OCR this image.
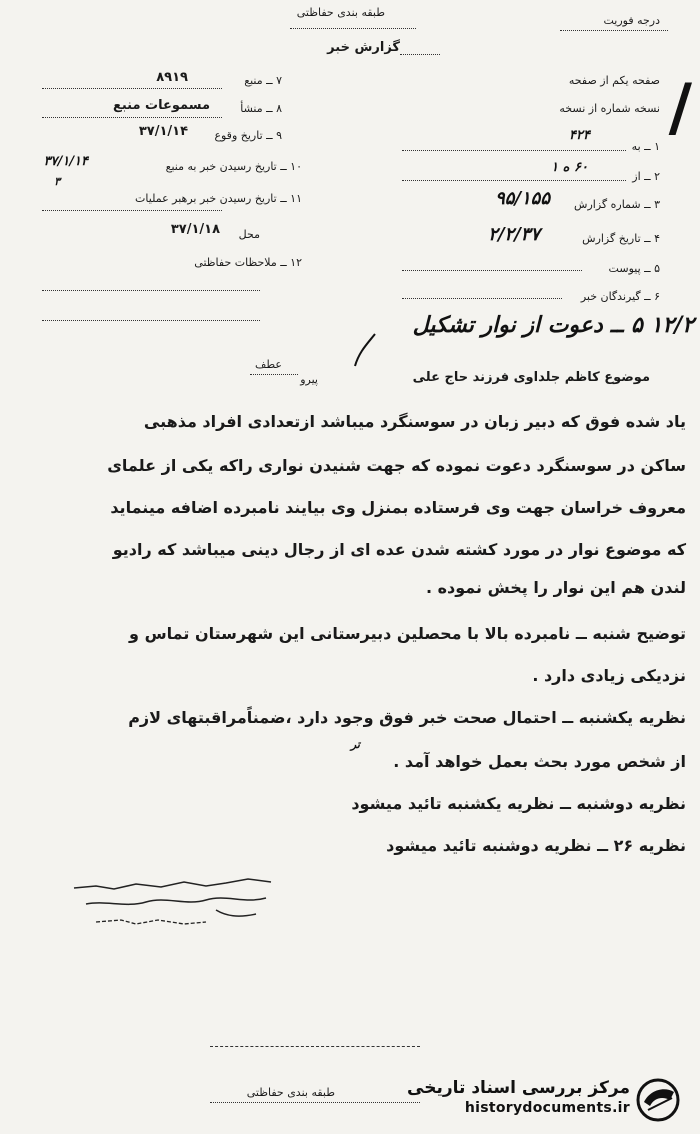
طبقه بندی حفاظتی
درجه فوریت
گزارش خبر
۷ ــ منبع
۸۹۱۹
۸ ــ منشأ
مسموعات منبع
۹ ــ تاریخ وقوع
۳۷/۱/۱۴
۱۰ ــ تاریخ رسیدن خبر به منبع
۳۷/۱/۱۴
۳
۱۱ ــ تاریخ رسیدن خبر برهبر عملیات
محل
۳۷/۱/۱۸
۱۲ ــ ملاحظات حفاظتی
صفحه یکم از صفحه
نسخه شماره از نسخه
۱ ــ به
۴۲۴
۲ ــ از
۶۰ ه ۱
۳ ــ شماره گزارش
۹۵/۱۵۵
۴ ــ تاریخ گزارش
۲/۲/۳۷
۵ ــ پیوست
۶ ــ گیرندگان خبر
/
۱۲/۲ ۵ ــ دعوت از نوار تشکیل
عطف
پیرو	موضوع کاظم جلداوی فرزند حاج علی
یاد شده فوق که دبیر زبان در سوسنگرد میباشد ازتعدادی افراد مذهبی
ساکن در سوسنگرد دعوت نموده که جهت شنیدن نواری راکه یکی از علمای
معروف خراسان جهت وی فرستاده بمنزل وی بیایند نامبرده اضافه مینماید
که موضوع نوار در مورد کشته شدن عده ای از رجال دینی میباشد که رادیو
لندن هم این نوار را پخش نموده .
توضیح شنبه ــ نامبرده بالا با محصلین دبیرستانی این شهرستان تماس و
نزدیکی زیادی دارد .
نظریه یکشنبه ــ احتمال صحت خبر فوق وجود دارد ،ضمناًمراقبتهای لازم
از شخص مورد بحث بعمل خواهد آمد .
تر
نظریه دوشنبه ــ نظریه یکشنبه تائید میشود
نظریه ۲۶ ــ نظریه دوشنبه تائید میشود
طبقه بندی حفاظتی	مرکز بررسی اسناد تاریخی
historydocuments.ir
